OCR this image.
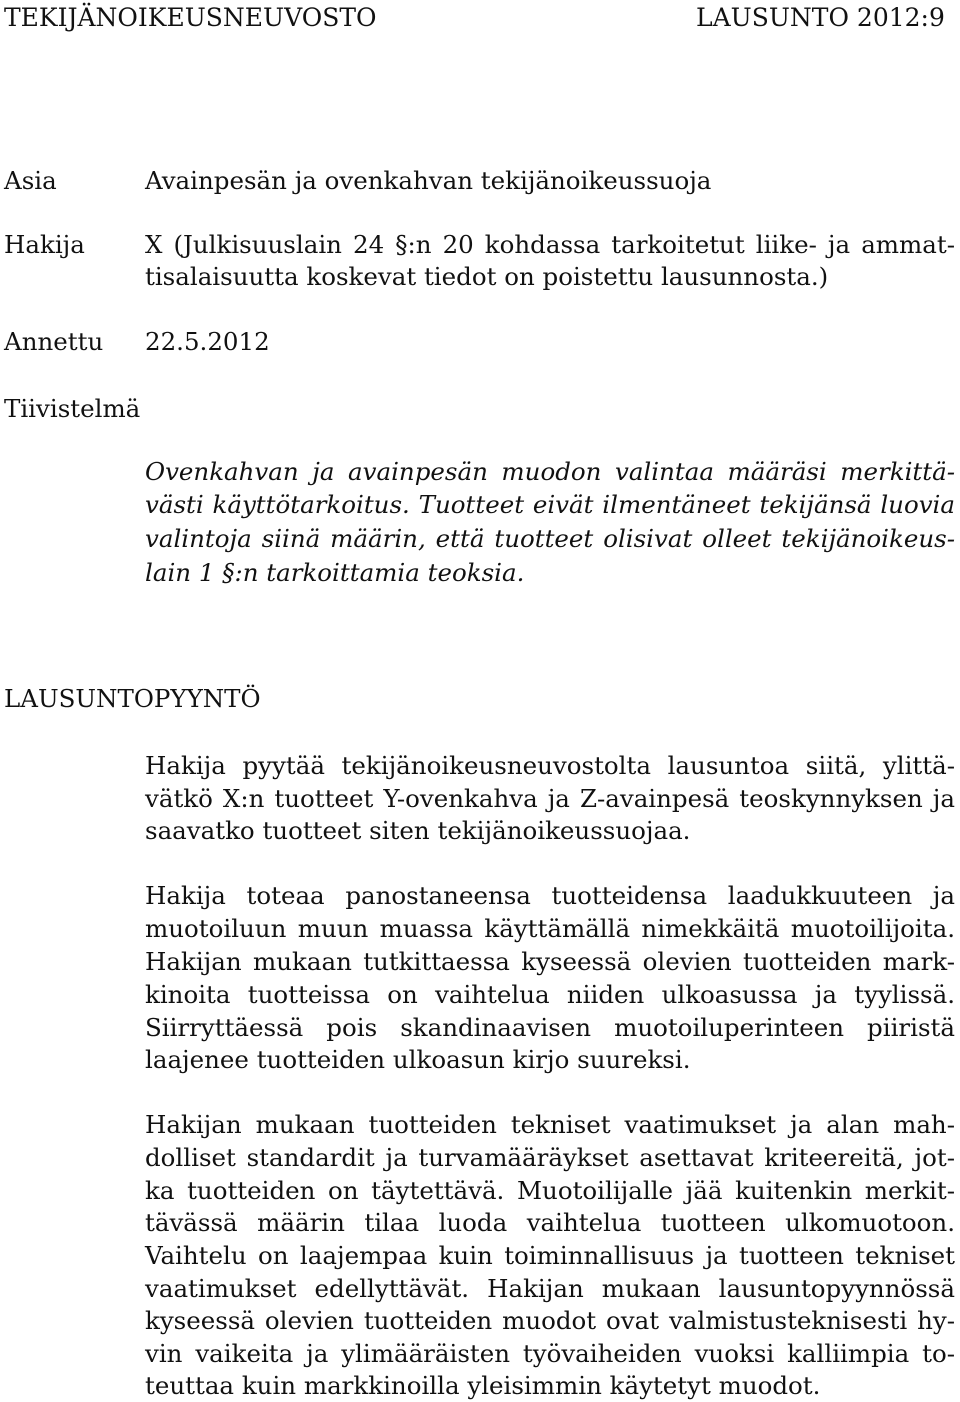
TEKIJÄNOIKEUSNEUVOSTO	LAUSUNTO 2012:9
Asia	Avainpesän ja ovenkahvan tekijänoikeussuoja
Hakija X (Julkisuuslain 24 §:n 20 kohdassa tarkoitetut liike- ja ammat-
tisalaisuutta koskevat tiedot on poistettu lausunnosta.)
Annettu 22.5.2012
Tiivistelmä
Ovenkahvan ja avainpesän muodon valintaa määräsi merkittä-
västi käyttötarkoitus. Tuotteet eivät ilmentäneet tekijänsä luovia
valintoja siinä määrin, että tuotteet olisivat olleet tekijänoikeus-
lain 1 §:n tarkoittamia teoksia.
LAUSUNTOPYYNTÖ
Hakija pyytää tekijänoikeusneuvostolta lausuntoa siitä, ylittä-
vätkö X:n tuotteet Y-ovenkahva ja Z-avainpesä teoskynnyksen ja
saavatko tuotteet siten tekijänoikeussuojaa.
Hakija toteaa panostaneensa tuotteidensa laadukkuuteen ja
muotoiluun muun muassa käyttämällä nimekkäitä muotoilijoita.
Hakijan mukaan tutkittaessa kyseessä olevien tuotteiden mark-
kinoita tuotteissa on vaihtelua niiden ulkoasussa ja tyylissä.
Siirryttäessä pois skandinaavisen muotoiluperinteen piiristä
laajenee tuotteiden ulkoasun kirjo suureksi.
Hakijan mukaan tuotteiden tekniset vaatimukset ja alan mah-
dolliset standardit ja turvamääräykset asettavat kriteereitä, jot-
ka tuotteiden on täytettävä. Muotoilijalle jää kuitenkin merkit-
tävässä määrin tilaa luoda vaihtelua tuotteen ulkomuotoon.
Vaihtelu on laajempaa kuin toiminnallisuus ja tuotteen tekniset
vaatimukset edellyttävät. Hakijan mukaan lausuntopyynnössä
kyseessä olevien tuotteiden muodot ovat valmistusteknisesti hy-
vin vaikeita ja ylimääräisten työvaiheiden vuoksi kalliimpia to-
teuttaa kuin markkinoilla yleisimmin käytetyt muodot.
